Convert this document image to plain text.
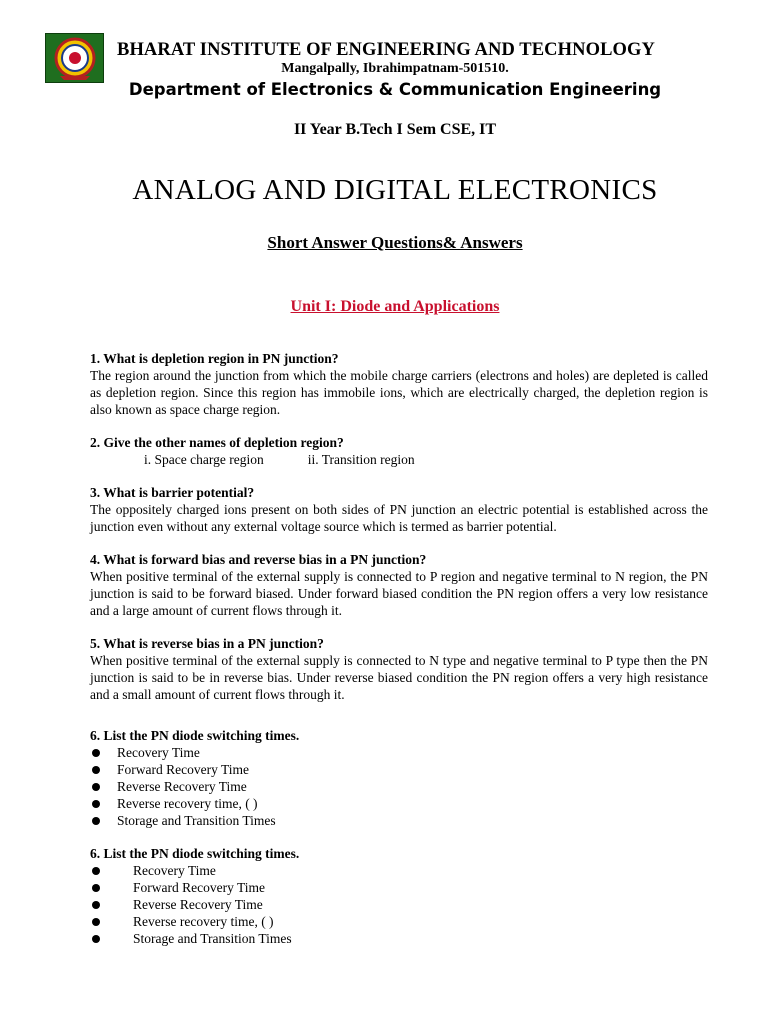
BHARAT INSTITUTE OF ENGINEERING AND TECHNOLOGY
Mangalpally, Ibrahimpatnam-501510.
Department of Electronics & Communication Engineering
II Year B.Tech I Sem CSE, IT
ANALOG AND DIGITAL ELECTRONICS
Short Answer Questions& Answers
Unit I: Diode and Applications

1. What is depletion region in PN junction?

The region around the junction from which the mobile charge carriers (electrons and holes) are depleted is called as depletion region. Since this region has immobile ions, which are electrically charged, the depletion region is also known as space charge region.

2. Give the other names of depletion region?

i. Space charge region	ii. Transition region

3. What is barrier potential?

The oppositely charged ions present on both sides of PN junction an electric potential is established across the junction even without any external voltage source which is termed as barrier potential.

4. What is forward bias and reverse bias in a PN junction?

When positive terminal of the external supply is connected to P region and negative terminal to N region, the PN junction is said to be forward biased. Under forward biased condition the PN region offers a very low resistance and a large amount of current flows through it.

5. What is reverse bias in a PN junction?

When positive terminal of the external supply is connected to N type and negative terminal to P type then the PN junction is said to be in reverse bias. Under reverse biased condition the PN region offers a very high resistance and a small amount of current flows through it.

6. List the PN diode switching times.

Recovery Time
Forward Recovery Time
Reverse Recovery Time
Reverse recovery time, ( )
Storage and Transition Times

6. List the PN diode switching times.

Recovery Time
Forward Recovery Time
Reverse Recovery Time
Reverse recovery time, ( )
Storage and Transition Times
